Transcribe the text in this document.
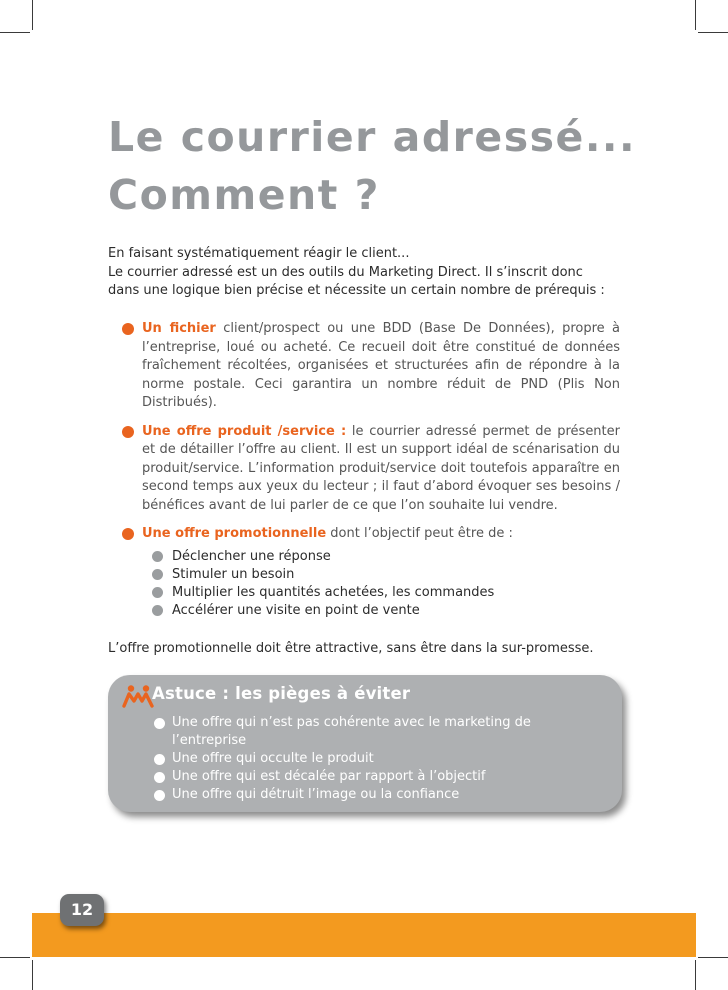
Le courrier adressé...
Comment ?

En faisant systématiquement réagir le client...

Le courrier adressé est un des outils du Marketing Direct. Il s’inscrit donc dans une logique bien précise et nécessite un certain nombre de prérequis :

Un fichier client/prospect ou une BDD (Base De Données), propre à l’entreprise, loué ou acheté. Ce recueil doit être constitué de données fraîchement récoltées, organisées et structurées afin de répondre à la norme postale. Ceci garantira un nombre réduit de PND (Plis Non Distribués).
Une offre produit /service : le courrier adressé permet de présenter et de détailler l’offre au client. Il est un support idéal de scénarisation du produit/service. L’information produit/service doit toutefois apparaître en second temps aux yeux du lecteur ; il faut d’abord évoquer ses besoins / bénéfices avant de lui parler de ce que l’on souhaite lui vendre.
Une offre promotionnelle dont l’objectif peut être de :
Déclencher une réponse
Stimuler un besoin
Multiplier les quantités achetées, les commandes
Accélérer une visite en point de vente

L’offre promotionnelle doit être attractive, sans être dans la sur-promesse.

Astuce : les pièges à éviter
Une offre qui n’est pas cohérente avec le marketing de l’entreprise
Une offre qui occulte le produit
Une offre qui est décalée par rapport à l’objectif
Une offre qui détruit l’image ou la confiance
12
